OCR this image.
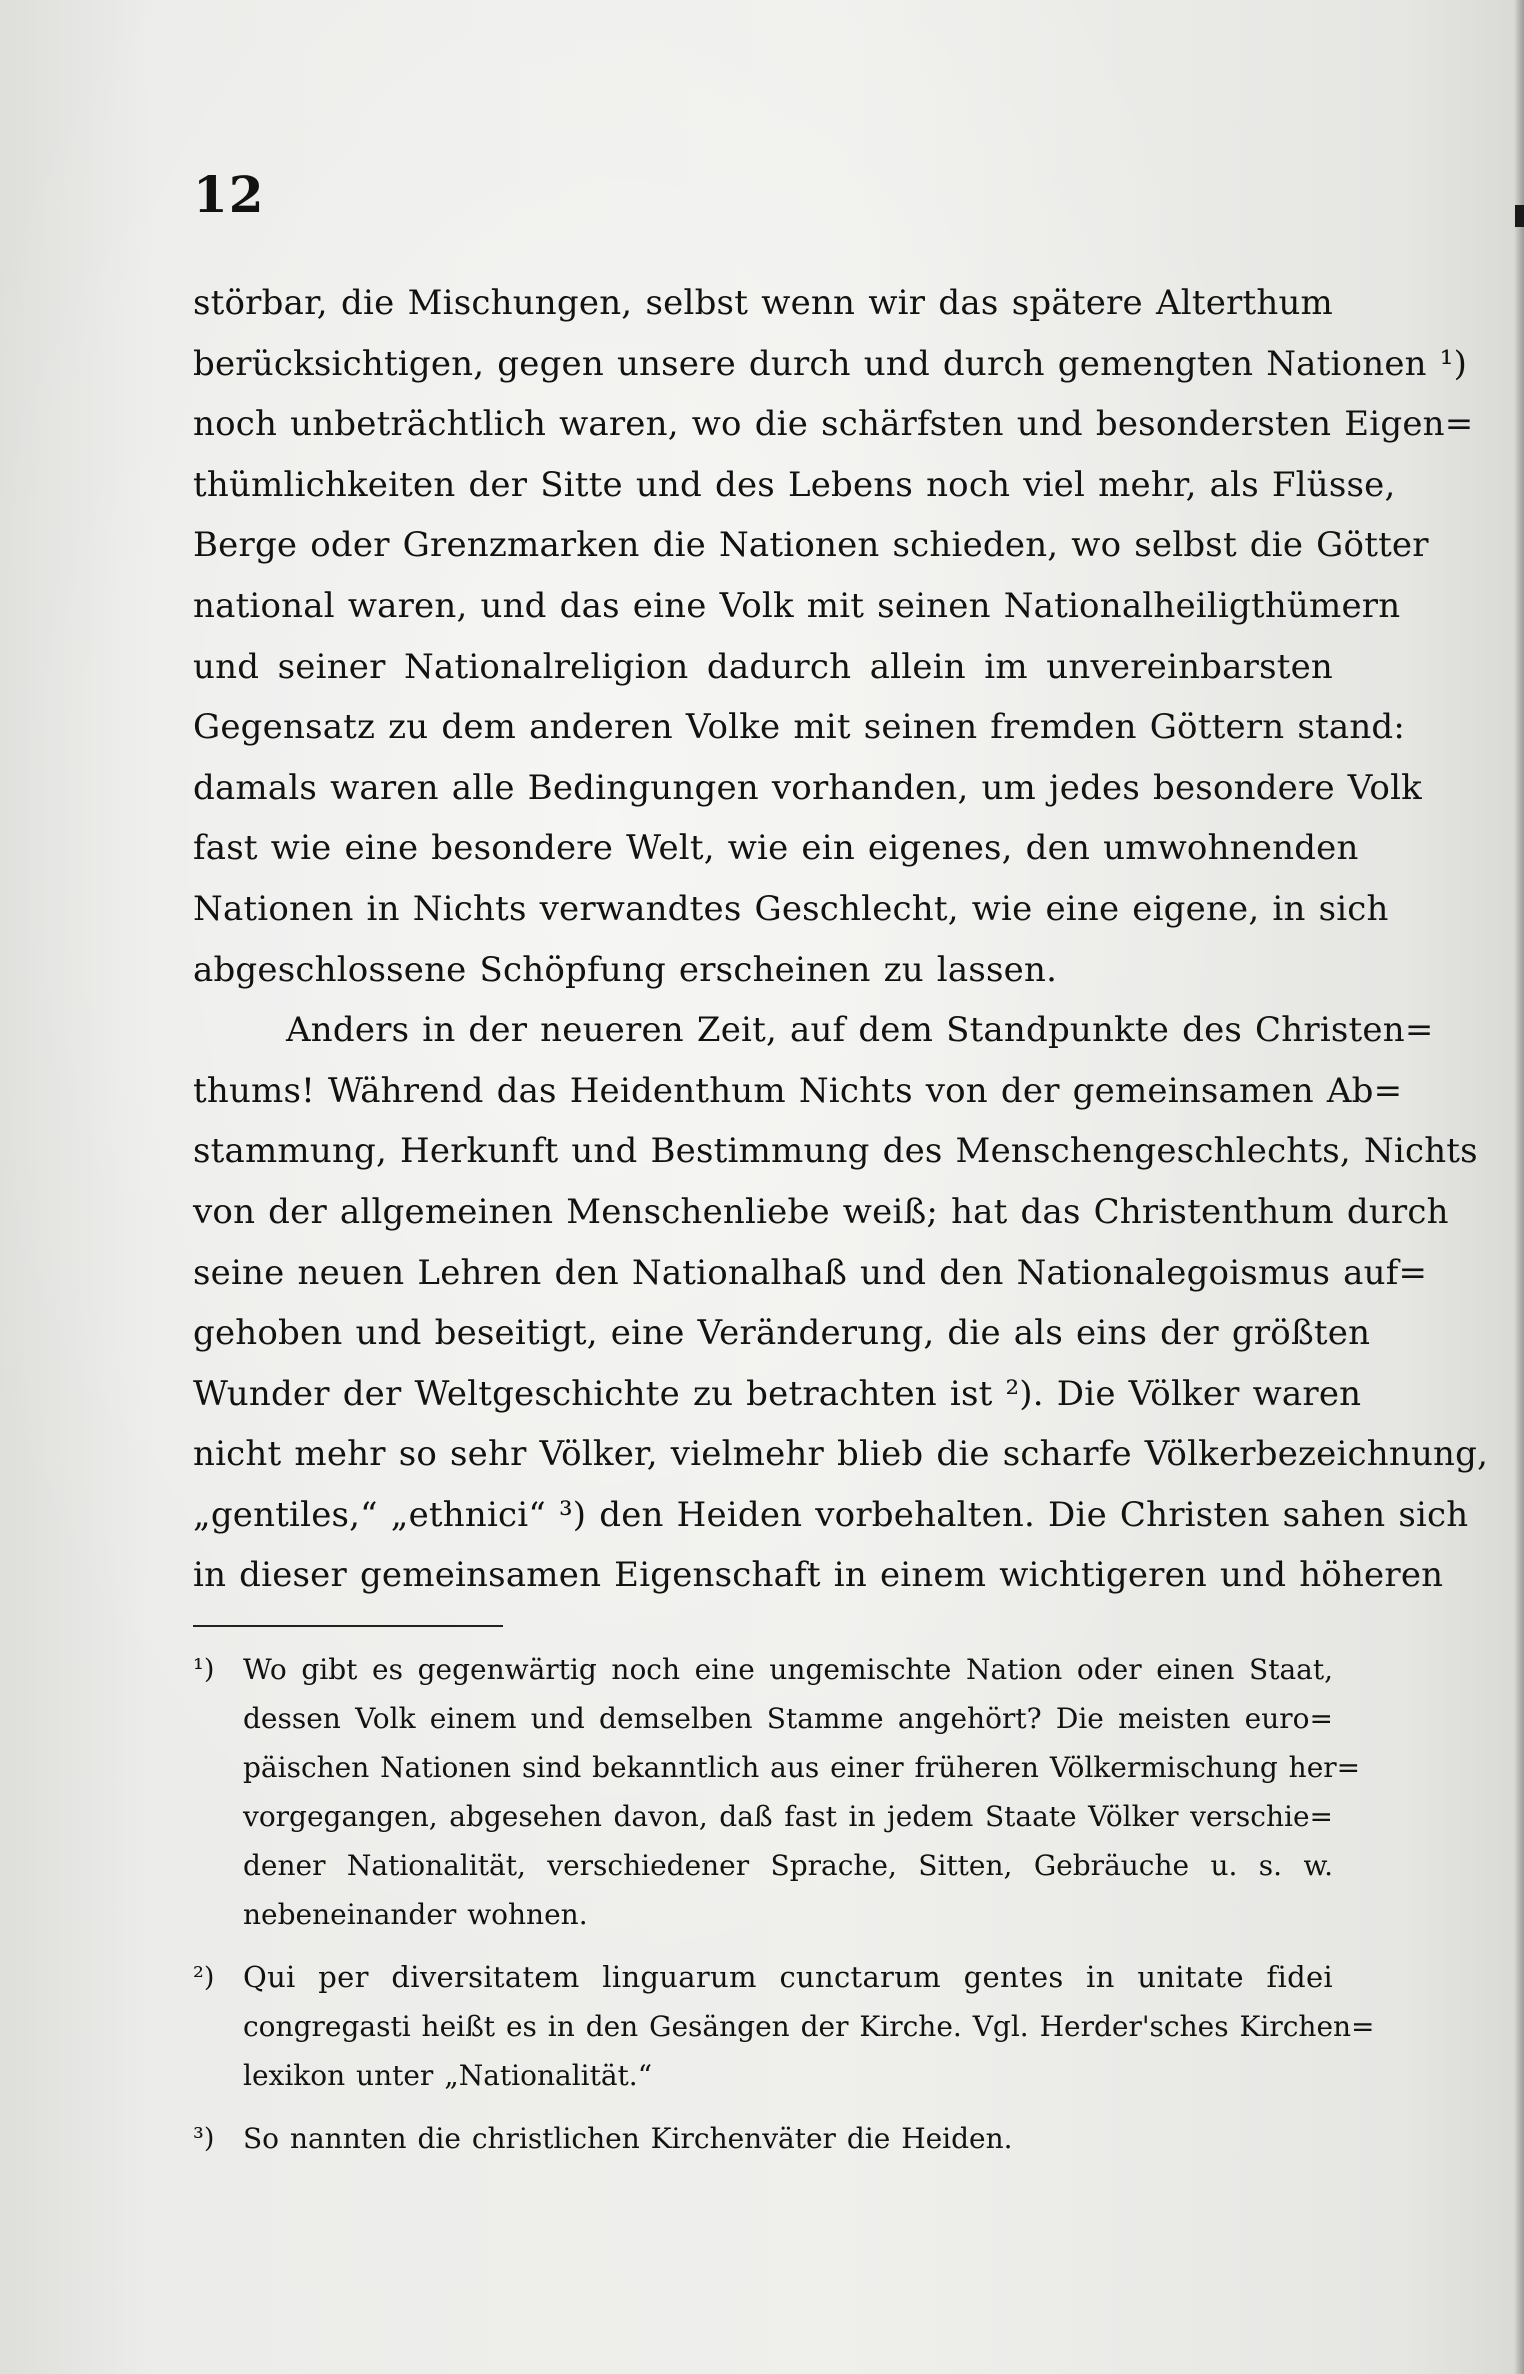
12
störbar, die Mischungen, selbst wenn wir das spätere Alterthum
berücksichtigen, gegen unsere durch und durch gemengten Nationen ¹)
noch unbeträchtlich waren, wo die schärfsten und besondersten Eigen=
thümlichkeiten der Sitte und des Lebens noch viel mehr, als Flüsse,
Berge oder Grenzmarken die Nationen schieden, wo selbst die Götter
national waren, und das eine Volk mit seinen Nationalheiligthümern
und seiner Nationalreligion dadurch allein im unvereinbarsten
Gegensatz zu dem anderen Volke mit seinen fremden Göttern stand:
damals waren alle Bedingungen vorhanden, um jedes besondere Volk
fast wie eine besondere Welt, wie ein eigenes, den umwohnenden
Nationen in Nichts verwandtes Geschlecht, wie eine eigene, in sich
abgeschlossene Schöpfung erscheinen zu lassen.
Anders in der neueren Zeit, auf dem Standpunkte des Christen=
thums! Während das Heidenthum Nichts von der gemeinsamen Ab=
stammung, Herkunft und Bestimmung des Menschengeschlechts, Nichts
von der allgemeinen Menschenliebe weiß; hat das Christenthum durch
seine neuen Lehren den Nationalhaß und den Nationalegoismus auf=
gehoben und beseitigt, eine Veränderung, die als eins der größten
Wunder der Weltgeschichte zu betrachten ist ²). Die Völker waren
nicht mehr so sehr Völker, vielmehr blieb die scharfe Völkerbezeichnung,
„gentiles,“ „ethnici“ ³) den Heiden vorbehalten. Die Christen sahen sich
in dieser gemeinsamen Eigenschaft in einem wichtigeren und höheren
¹) Wo gibt es gegenwärtig noch eine ungemischte Nation oder einen Staat,
dessen Volk einem und demselben Stamme angehört? Die meisten euro=
päischen Nationen sind bekanntlich aus einer früheren Völkermischung her=
vorgegangen, abgesehen davon, daß fast in jedem Staate Völker verschie=
dener Nationalität, verschiedener Sprache, Sitten, Gebräuche u. s. w.
nebeneinander wohnen.
²) Qui per diversitatem linguarum cunctarum gentes in unitate fidei
congregasti heißt es in den Gesängen der Kirche. Vgl. Herder'sches Kirchen=
lexikon unter „Nationalität.“
³) So nannten die christlichen Kirchenväter die Heiden.
